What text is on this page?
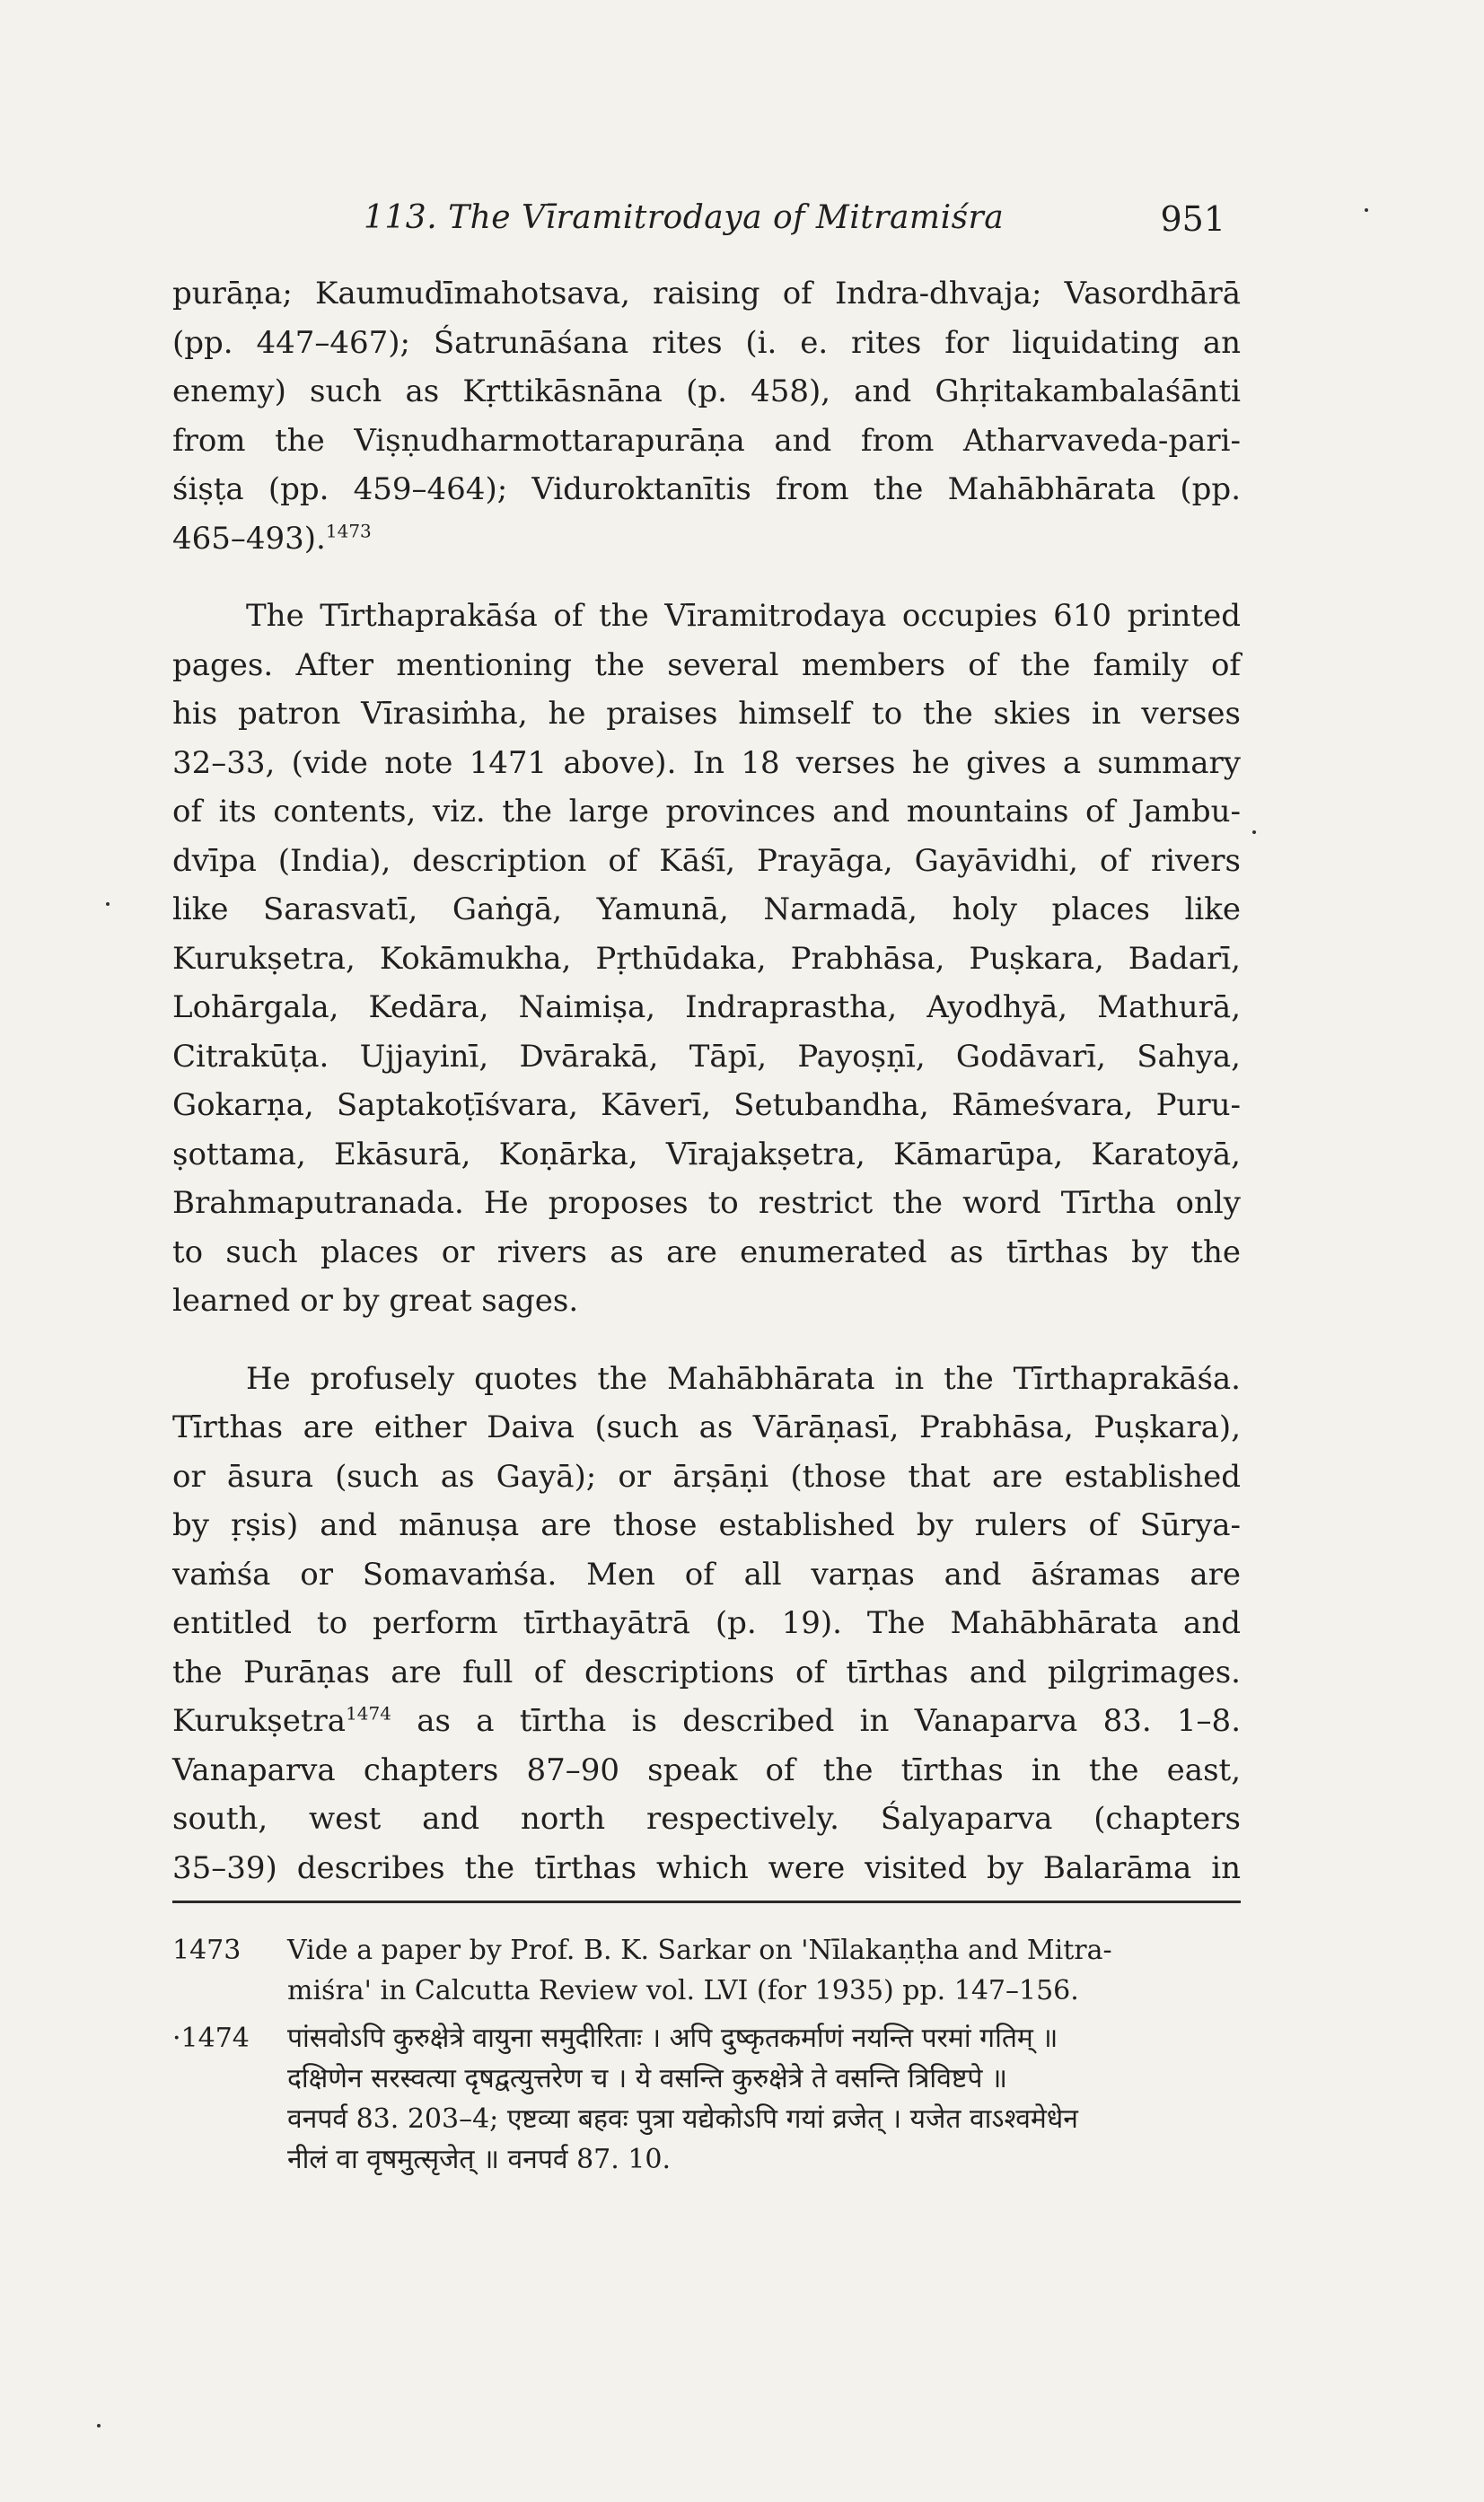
113. The Vīramitrodaya of Mitramiśra	951
purāṇa; Kaumudīmahotsava, raising of Indra-dhvaja; Vasordhārā
(pp. 447–467); Śatrunāśana rites (i. e. rites for liquidating an
enemy) such as Kṛttikāsnāna (p. 458), and Ghṛitakambalaśānti
from the Viṣṇudharmottarapurāṇa and from Atharvaveda-pari-
śiṣṭa (pp. 459–464); Viduroktanītis from the Mahābhārata (pp.
465–493).$^{1473}$
The Tīrthaprakāśa of the Vīramitrodaya occupies 610 printed
pages. After mentioning the several members of the family of
his patron Vīrasiṁha, he praises himself to the skies in verses
32–33, (vide note 1471 above). In 18 verses he gives a summary
of its contents, viz. the large provinces and mountains of Jambu-
dvīpa (India), description of Kāśī, Prayāga, Gayāvidhi, of rivers
like Sarasvatī, Gaṅgā, Yamunā, Narmadā, holy places like
Kurukṣetra, Kokāmukha, Pṛthūdaka, Prabhāsa, Puṣkara, Badarī,
Lohārgala, Kedāra, Naimiṣa, Indraprastha, Ayodhyā, Mathurā,
Citrakūṭa. Ujjayinī, Dvārakā, Tāpī, Payoṣṇī, Godāvarī, Sahya,
Gokarṇa, Saptakoṭīśvara, Kāverī, Setubandha, Rāmeśvara, Puru-
ṣottama, Ekāsurā, Koṇārka, Vīrajakṣetra, Kāmarūpa, Karatoyā,
Brahmaputranada. He proposes to restrict the word Tīrtha only
to such places or rivers as are enumerated as tīrthas by the
learned or by great sages.
He profusely quotes the Mahābhārata in the Tīrthaprakāśa.
Tīrthas are either Daiva (such as Vārāṇasī, Prabhāsa, Puṣkara),
or āsura (such as Gayā); or ārṣāṇi (those that are established
by ṛṣis) and mānuṣa are those established by rulers of Sūrya-
vaṁśa or Somavaṁśa. Men of all varṇas and āśramas are
entitled to perform tīrthayātrā (p. 19). The Mahābhārata and
the Purāṇas are full of descriptions of tīrthas and pilgrimages.
Kurukṣetra$^{1474}$ as a tīrtha is described in Vanaparva 83. 1–8.
Vanaparva chapters 87–90 speak of the tīrthas in the east,
south, west and north respectively. Śalyaparva (chapters
35–39) describes the tīrthas which were visited by Balarāma in
1473 Vide a paper by Prof. B. K. Sarkar on 'Nīlakaṇṭha and Mitra-
miśra' in Calcutta Review vol. LVI (for 1935) pp. 147–156.
·1474 पांसवोऽपि कुरुक्षेत्रे वायुना समुदीरिताः । अपि दुष्कृतकर्माणं नयन्ति परमां गतिम् ॥
दक्षिणेन सरस्वत्या दृषद्वत्युत्तरेण च । ये वसन्ति कुरुक्षेत्रे ते वसन्ति त्रिविष्टपे ॥
वनपर्व 83. 203–4; एष्टव्या बहवः पुत्रा यद्येकोऽपि गयां व्रजेत् । यजेत वाऽश्वमेधेन
नीलं वा वृषमुत्सृजेत् ॥ वनपर्व 87. 10.
